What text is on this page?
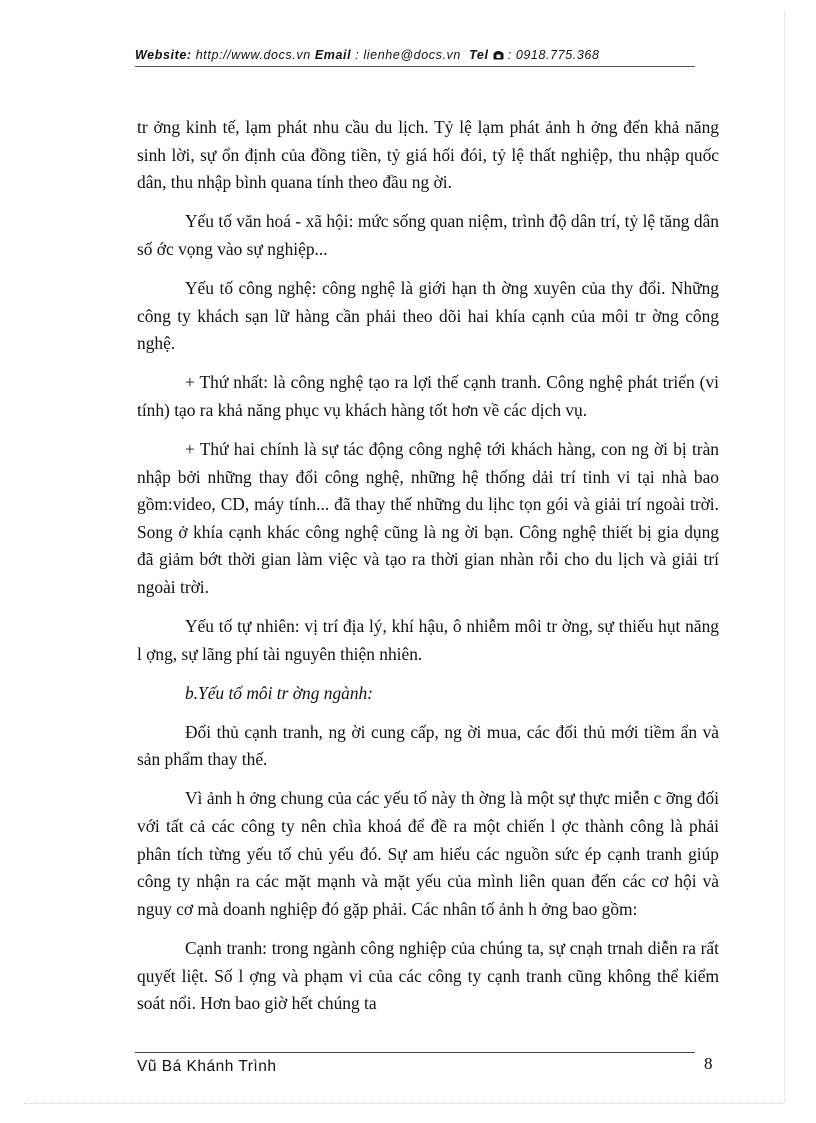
Website: http://www.docs.vn Email : lienhe@docs.vn Tel : 0918.775.368

tr ởng kinh tế, lạm phát nhu cầu du lịch. Tỷ lệ lạm phát ảnh h ởng đến khả năng sinh lời, sự ổn định của đồng tiền, tỷ giá hối đói, tỷ lệ thất nghiệp, thu nhập quốc dân, thu nhập bình quana tính theo đầu ng ời.

Yếu tố văn hoá - xã hội: mức sống quan niệm, trình độ dân trí, tỷ lệ tăng dân số ớc vọng vào sự nghiệp...

Yếu tố công nghệ: công nghệ là giới hạn th ờng xuyên của thy đổi. Những công ty khách sạn lữ hàng cần phải theo dõi hai khía cạnh của môi tr ờng công nghệ.

+ Thứ nhất: là công nghệ tạo ra lợi thế cạnh tranh. Công nghệ phát triển (vi tính) tạo ra khả năng phục vụ khách hàng tốt hơn về các dịch vụ.

+ Thứ hai chính là sự tác động công nghệ tới khách hàng, con ng ời bị tràn nhập bởi những thay đổi công nghệ, những hệ thống dải trí tinh vi tại nhà bao gồm:video, CD, máy tính... đã thay thế những du lịhc tọn gói và giải trí ngoài trời. Song ở khía cạnh khác công nghệ cũng là ng ời bạn. Công nghệ thiết bị gia dụng đã giảm bớt thời gian làm việc và tạo ra thời gian nhàn rỗi cho du lịch và giải trí ngoài trời.

Yếu tố tự nhiên: vị trí địa lý, khí hậu, ô nhiễm môi tr ờng, sự thiếu hụt năng l ợng, sự lãng phí tài nguyên thiện nhiên.

b.Yếu tố môi tr ờng ngành:

Đối thủ cạnh tranh, ng ời cung cấp, ng ời mua, các đối thủ mới tiềm ẩn và sản phẩm thay thế.

Vì ảnh h ởng chung của các yếu tố này th ờng là một sự thực miễn c ỡng đối với tất cả các công ty nên chìa khoá để đề ra một chiến l ợc thành công là phải phân tích từng yếu tố chủ yếu đó. Sự am hiểu các nguồn sức ép cạnh tranh giúp công ty nhận ra các mặt mạnh và mặt yếu của mình liên quan đến các cơ hội và nguy cơ mà doanh nghiệp đó gặp phải. Các nhân tố ảnh h ởng bao gồm:

Cạnh tranh: trong ngành công nghiệp của chúng ta, sự cnạh trnah diễn ra rất quyết liệt. Số l ợng và phạm vi của các công ty cạnh tranh cũng không thể kiểm soát nổi. Hơn bao giờ hết chúng ta

Vũ Bá Khánh Trình	8
